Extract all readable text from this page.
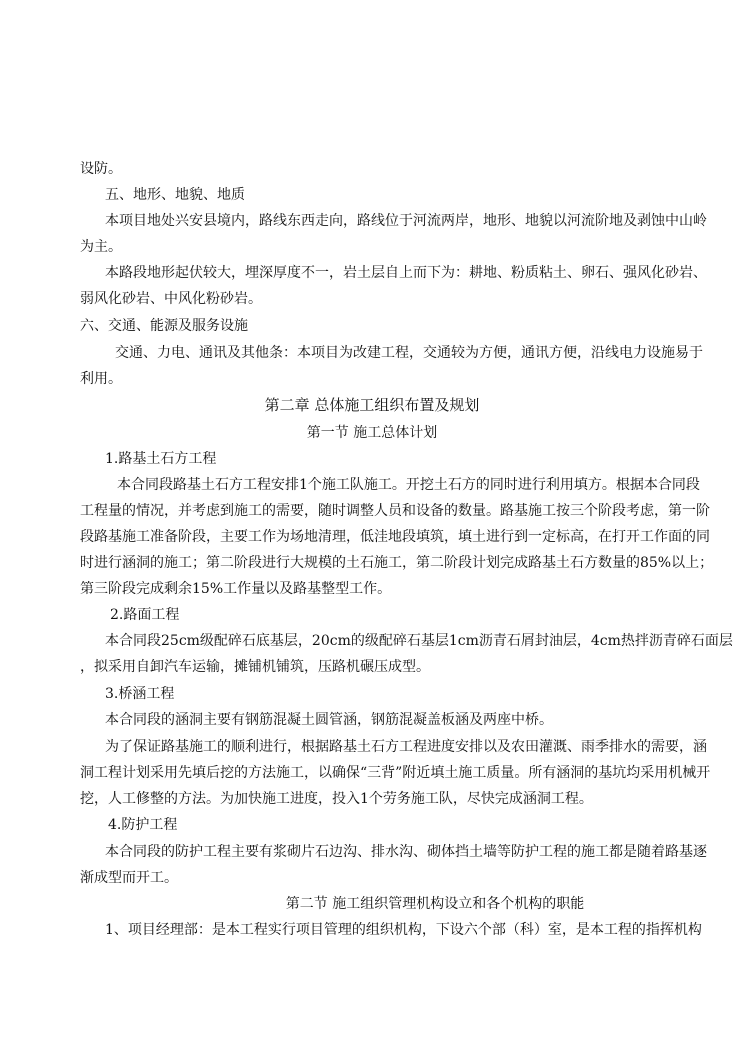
设防。
五、地形、地貌、地质
本项目地处兴安县境内，路线东西走向，路线位于河流两岸，地形、地貌以河流阶地及剥蚀中山岭
为主。
本路段地形起伏较大，埋深厚度不一，岩土层自上而下为：耕地、粉质粘土、卵石、强风化砂岩、
弱风化砂岩、中风化粉砂岩。
六、交通、能源及服务设施
交通、力电、通讯及其他条：本项目为改建工程，交通较为方便，通讯方便，沿线电力设施易于
利用。
第二章 总体施工组织布置及规划
第一节 施工总体计划
1.路基土石方工程
本合同段路基土石方工程安排1个施工队施工。开挖土石方的同时进行利用填方。根据本合同段
工程量的情况，并考虑到施工的需要，随时调整人员和设备的数量。路基施工按三个阶段考虑，第一阶
段路基施工准备阶段，主要工作为场地清理，低洼地段填筑，填土进行到一定标高，在打开工作面的同
时进行涵洞的施工；第二阶段进行大规模的土石施工，第二阶段计划完成路基土石方数量的85%以上；
第三阶段完成剩余15%工作量以及路基整型工作。
2.路面工程
本合同段25cm级配碎石底基层，20cm的级配碎石基层1cm沥青石屑封油层，4cm热拌沥青碎石面层
，拟采用自卸汽车运输，摊铺机铺筑，压路机碾压成型。
3.桥涵工程
本合同段的涵洞主要有钢筋混凝土圆管涵，钢筋混凝盖板涵及两座中桥。
为了保证路基施工的顺利进行，根据路基土石方工程进度安排以及农田灌溉、雨季排水的需要，涵
洞工程计划采用先填后挖的方法施工，以确保“三背”附近填土施工质量。所有涵洞的基坑均采用机械开
挖，人工修整的方法。为加快施工进度，投入1个劳务施工队，尽快完成涵洞工程。
4.防护工程
本合同段的防护工程主要有浆砌片石边沟、排水沟、砌体挡土墙等防护工程的施工都是随着路基逐
渐成型而开工。
第二节 施工组织管理机构设立和各个机构的职能
1、项目经理部：是本工程实行项目管理的组织机构，下设六个部（科）室，是本工程的指挥机构
